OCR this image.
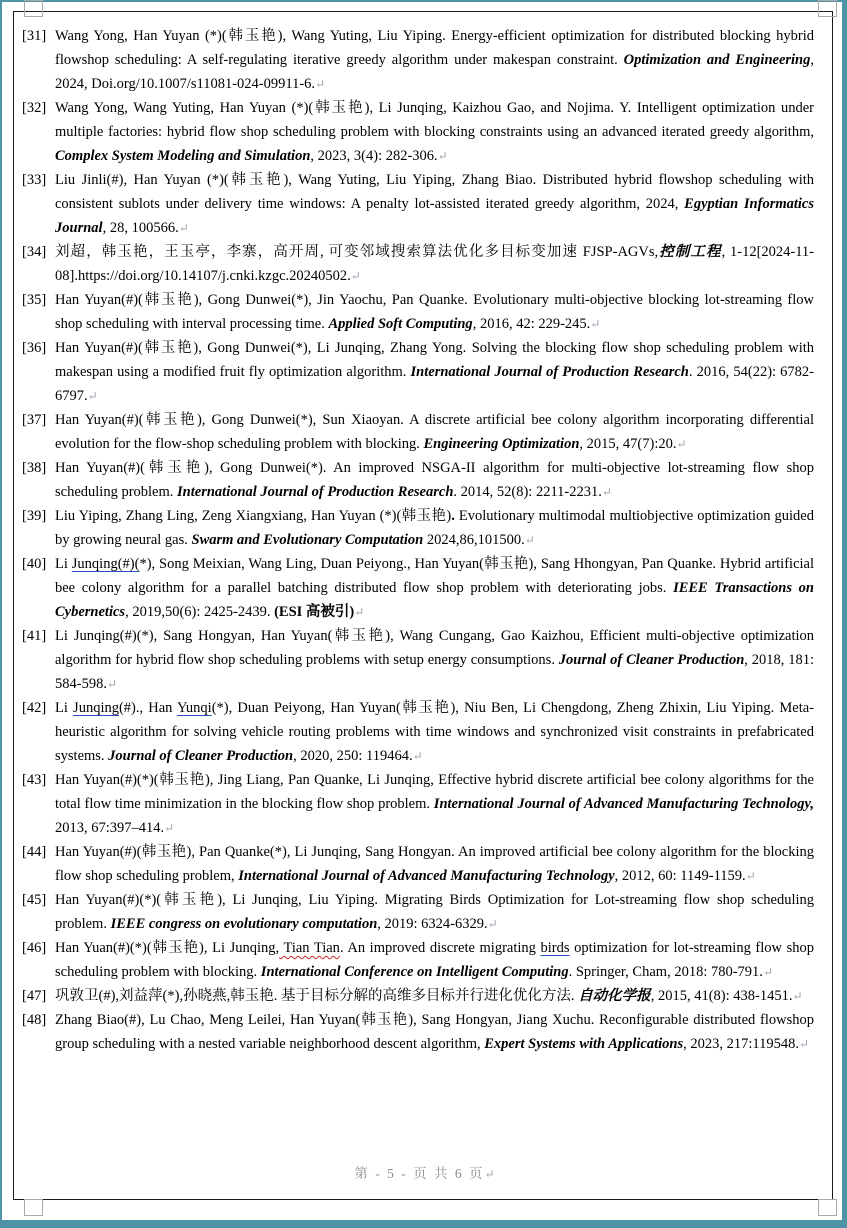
[31] Wang Yong, Han Yuyan (*)(韩玉艳), Wang Yuting, Liu Yiping. Energy-efficient optimization for distributed blocking hybrid flowshop scheduling: A self-regulating iterative greedy algorithm under makespan constraint. Optimization and Engineering, 2024, Doi.org/10.1007/s11081-024-09911-6.↵
[32] Wang Yong, Wang Yuting, Han Yuyan (*)(韩玉艳), Li Junqing, Kaizhou Gao, and Nojima. Y. Intelligent optimization under multiple factories: hybrid flow shop scheduling problem with blocking constraints using an advanced iterated greedy algorithm, Complex System Modeling and Simulation, 2023, 3(4): 282-306.↵
[33] Liu Jinli(#), Han Yuyan (*)(韩玉艳), Wang Yuting, Liu Yiping, Zhang Biao. Distributed hybrid flowshop scheduling with consistent sublots under delivery time windows: A penalty lot-assisted iterated greedy algorithm, 2024, Egyptian Informatics Journal, 28, 100566.↵
[34] 刘超，韩玉艳，王玉亭，李寨，高开周, 可变邻域搜索算法优化多目标变加速 FJSP-AGVs,控制工程, 1-12[2024-11-08].https://doi.org/10.14107/j.cnki.kzgc.20240502.↵
[35] Han Yuyan(#)(韩玉艳), Gong Dunwei(*), Jin Yaochu, Pan Quanke. Evolutionary multi-objective blocking lot-streaming flow shop scheduling with interval processing time. Applied Soft Computing, 2016, 42: 229-245.↵
[36] Han Yuyan(#)(韩玉艳), Gong Dunwei(*), Li Junqing, Zhang Yong. Solving the blocking flow shop scheduling problem with makespan using a modified fruit fly optimization algorithm. International Journal of Production Research. 2016, 54(22): 6782-6797.↵
[37] Han Yuyan(#)(韩玉艳), Gong Dunwei(*), Sun Xiaoyan. A discrete artificial bee colony algorithm incorporating differential evolution for the flow-shop scheduling problem with blocking. Engineering Optimization, 2015, 47(7):20.↵
[38] Han Yuyan(#)(韩玉艳), Gong Dunwei(*). An improved NSGA-II algorithm for multi-objective lot-streaming flow shop scheduling problem. International Journal of Production Research. 2014, 52(8): 2211-2231.↵
[39] Liu Yiping, Zhang Ling, Zeng Xiangxiang, Han Yuyan (*)(韩玉艳). Evolutionary multimodal multiobjective optimization guided by growing neural gas. Swarm and Evolutionary Computation 2024,86,101500.↵
[40] Li Junqing(#)(*), Song Meixian, Wang Ling, Duan Peiyong., Han Yuyan(韩玉艳), Sang Hhongyan, Pan Quanke. Hybrid artificial bee colony algorithm for a parallel batching distributed flow shop problem with deteriorating jobs. IEEE Transactions on Cybernetics, 2019,50(6): 2425-2439. (ESI 高被引)↵
[41] Li Junqing(#)(*), Sang Hongyan, Han Yuyan(韩玉艳), Wang Cungang, Gao Kaizhou, Efficient multi-objective optimization algorithm for hybrid flow shop scheduling problems with setup energy consumptions. Journal of Cleaner Production, 2018, 181: 584-598.↵
[42] Li Junqing(#)., Han Yunqi(*), Duan Peiyong, Han Yuyan(韩玉艳), Niu Ben, Li Chengdong, Zheng Zhixin, Liu Yiping. Meta-heuristic algorithm for solving vehicle routing problems with time windows and synchronized visit constraints in prefabricated systems. Journal of Cleaner Production, 2020, 250: 119464.↵
[43] Han Yuyan(#)(*)(韩玉艳), Jing Liang, Pan Quanke, Li Junqing, Effective hybrid discrete artificial bee colony algorithms for the total flow time minimization in the blocking flow shop problem. International Journal of Advanced Manufacturing Technology, 2013, 67:397–414.↵
[44] Han Yuyan(#)(韩玉艳), Pan Quanke(*), Li Junqing, Sang Hongyan. An improved artificial bee colony algorithm for the blocking flow shop scheduling problem, International Journal of Advanced Manufacturing Technology, 2012, 60: 1149-1159.↵
[45] Han Yuyan(#)(*)(韩玉艳), Li Junqing, Liu Yiping. Migrating Birds Optimization for Lot-streaming flow shop scheduling problem. IEEE congress on evolutionary computation, 2019: 6324-6329.↵
[46] Han Yuan(#)(*)(韩玉艳), Li Junqing, Tian Tian. An improved discrete migrating birds optimization for lot-streaming flow shop scheduling problem with blocking. International Conference on Intelligent Computing. Springer, Cham, 2018: 780-791.↵
[47] 巩敦卫(#),刘益萍(*),孙晓燕,韩玉艳. 基于目标分解的高维多目标并行进化优化方法. 自动化学报, 2015, 41(8): 438-1451.↵
[48] Zhang Biao(#), Lu Chao, Meng Leilei, Han Yuyan(韩玉艳), Sang Hongyan, Jiang Xuchu. Reconfigurable distributed flowshop group scheduling with a nested variable neighborhood descent algorithm, Expert Systems with Applications, 2023, 217:119548.↵
第 - 5 - 页 共 6 页↵
